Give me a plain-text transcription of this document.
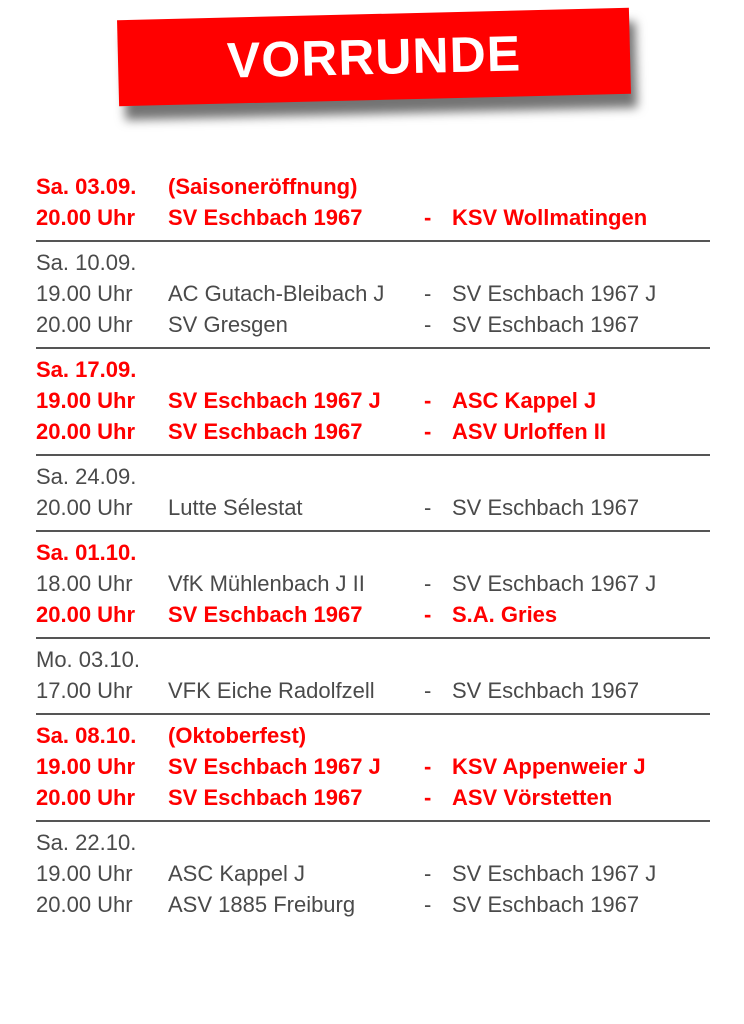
VORRUNDE
Sa. 03.09. (Saisoneröffnung)
20.00 Uhr SV Eschbach 1967	- KSV Wollmatingen
Sa. 10.09.
19.00 Uhr AC Gutach-Bleibach J - SV Eschbach 1967 J
20.00 Uhr SV Gresgen	- SV Eschbach 1967
Sa. 17.09.
19.00 Uhr SV Eschbach 1967 J - ASC Kappel J
20.00 Uhr SV Eschbach 1967	- ASV Urloffen II
Sa. 24.09.
20.00 Uhr Lutte Sélestat	- SV Eschbach 1967
Sa. 01.10.
18.00 Uhr VfK Mühlenbach J II	- SV Eschbach 1967 J
20.00 Uhr SV Eschbach 1967	- S.A. Gries
Mo. 03.10.
17.00 Uhr VFK Eiche Radolfzell - SV Eschbach 1967
Sa. 08.10. (Oktoberfest)
19.00 Uhr SV Eschbach 1967 J - KSV Appenweier J
20.00 Uhr SV Eschbach 1967	- ASV Vörstetten
Sa. 22.10.
19.00 Uhr ASC Kappel J	- SV Eschbach 1967 J
20.00 Uhr ASV 1885 Freiburg	- SV Eschbach 1967
